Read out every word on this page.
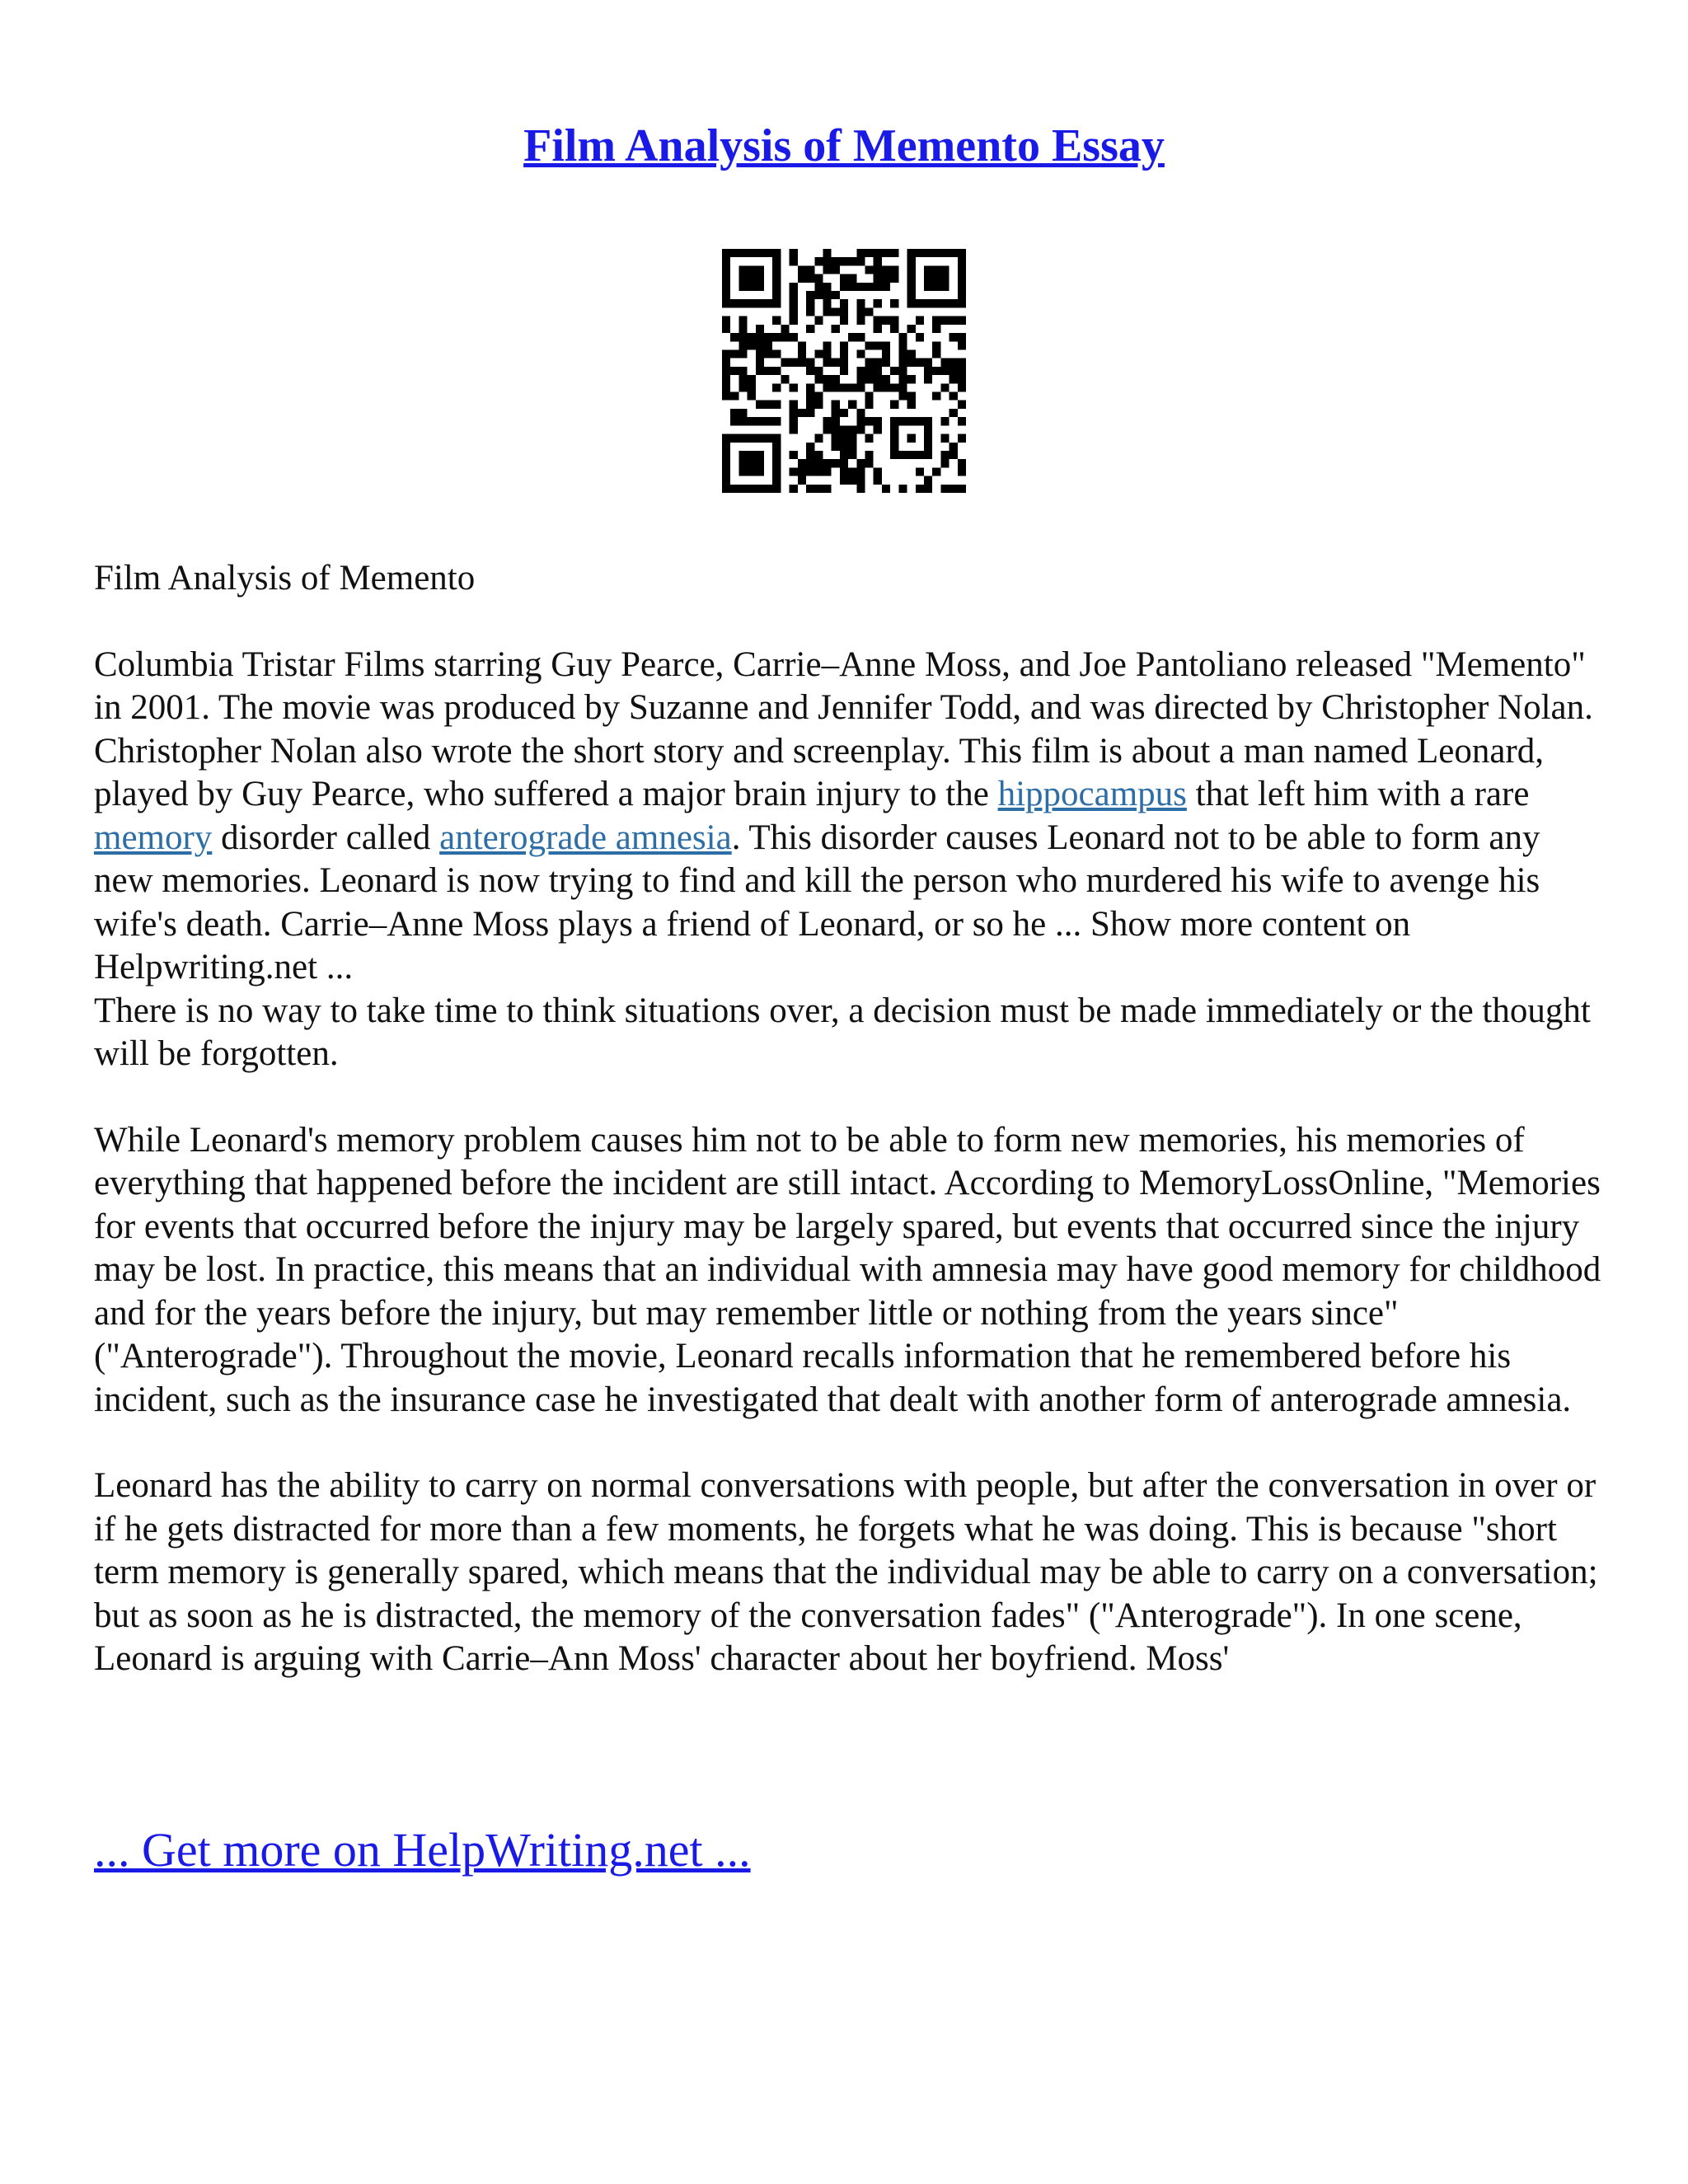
Film Analysis of Memento Essay

Film Analysis of Memento

Columbia Tristar Films starring Guy Pearce, Carrie–Anne Moss, and Joe Pantoliano released "Memento" in 2001. The movie was produced by Suzanne and Jennifer Todd, and was directed by Christopher Nolan. Christopher Nolan also wrote the short story and screenplay. This film is about a man named Leonard, played by Guy Pearce, who suffered a major brain injury to the hippocampus that left him with a rare memory disorder called anterograde amnesia. This disorder causes Leonard not to be able to form any new memories. Leonard is now trying to find and kill the person who murdered his wife to avenge his wife's death. Carrie–Anne Moss plays a friend of Leonard, or so he ... Show more content on Helpwriting.net ...

There is no way to take time to think situations over, a decision must be made immediately or the thought will be forgotten.

While Leonard's memory problem causes him not to be able to form new memories, his memories of everything that happened before the incident are still intact. According to MemoryLossOnline, "Memories for events that occurred before the injury may be largely spared, but events that occurred since the injury may be lost. In practice, this means that an individual with amnesia may have good memory for childhood and for the years before the injury, but may remember little or nothing from the years since" ("Anterograde"). Throughout the movie, Leonard recalls information that he remembered before his incident, such as the insurance case he investigated that dealt with another form of anterograde amnesia.

Leonard has the ability to carry on normal conversations with people, but after the conversation in over or if he gets distracted for more than a few moments, he forgets what he was doing. This is because "short term memory is generally spared, which means that the individual may be able to carry on a conversation; but as soon as he is distracted, the memory of the conversation fades" ("Anterograde"). In one scene, Leonard is arguing with Carrie–Ann Moss' character about her boyfriend. Moss'

... Get more on HelpWriting.net ...
